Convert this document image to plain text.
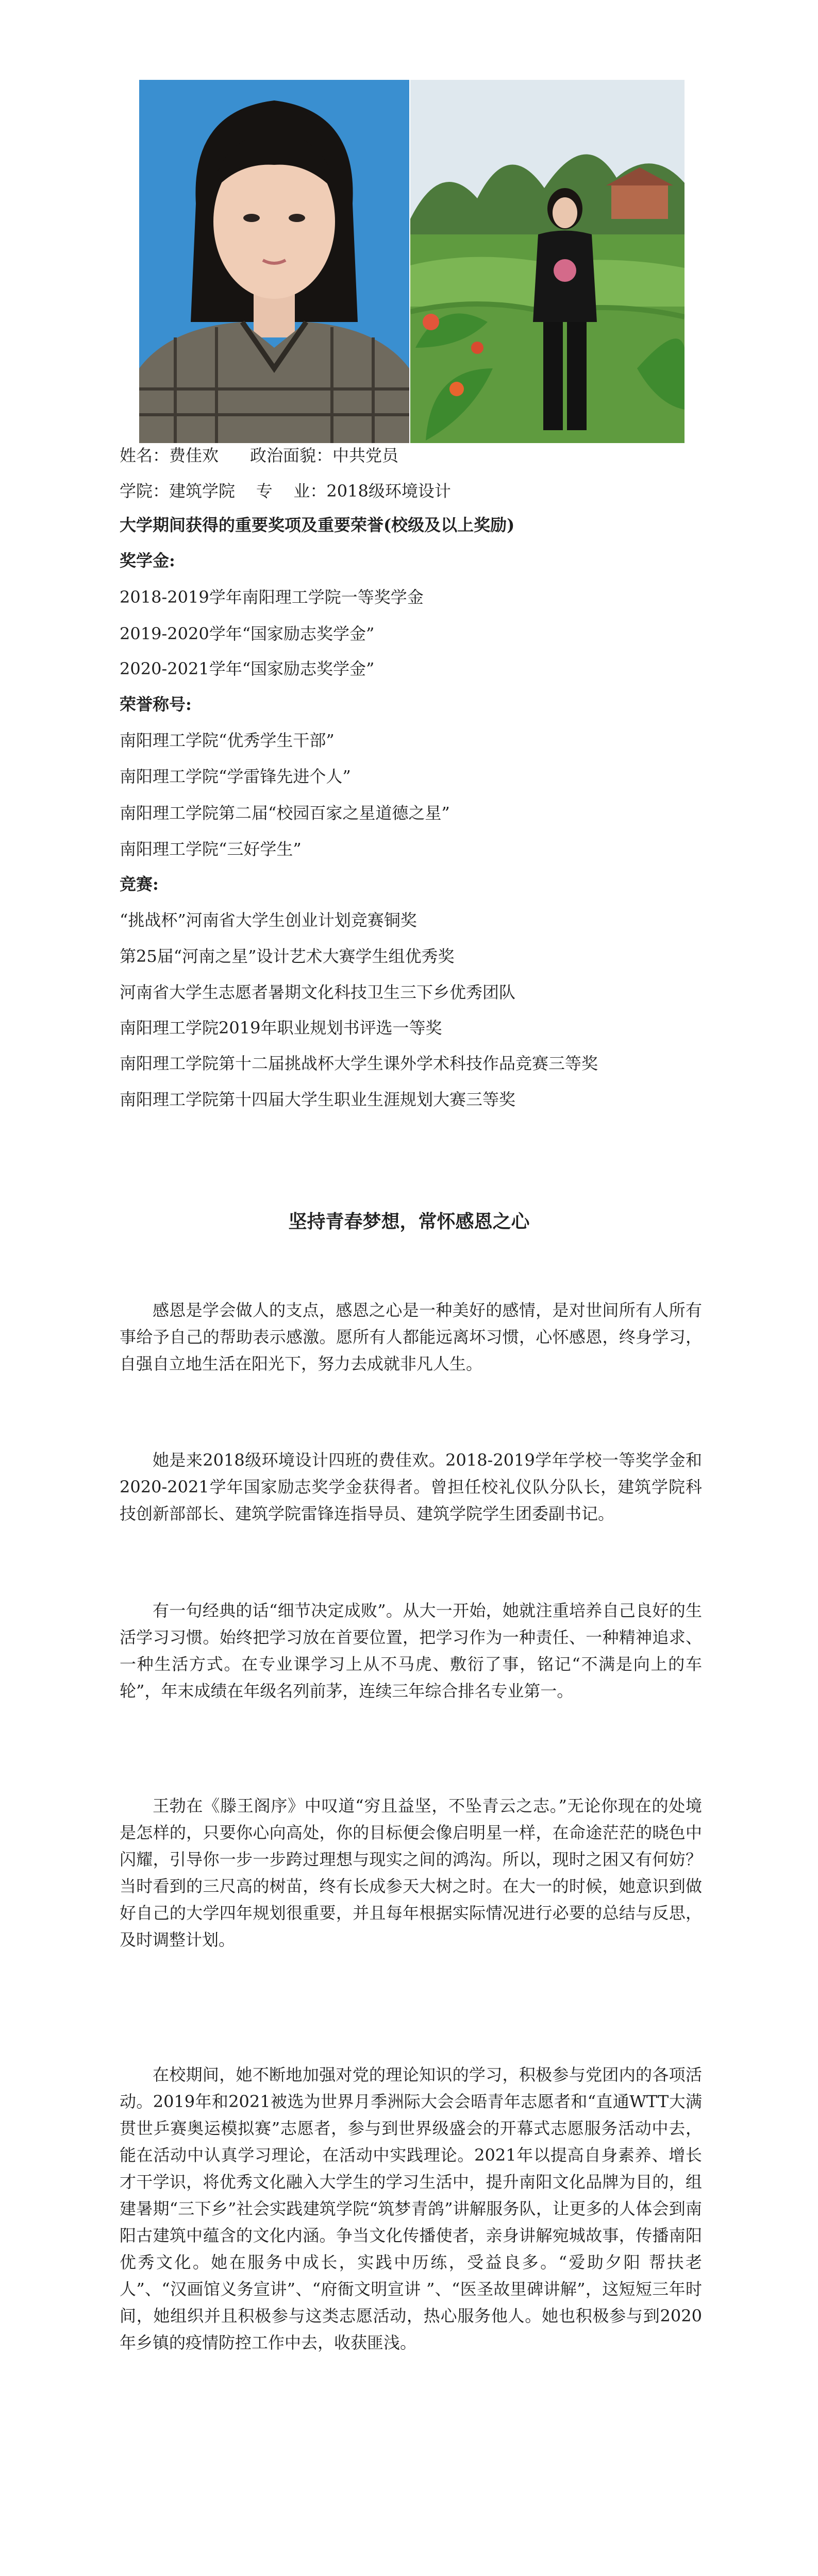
姓名：费佳欢      政治面貌：中共党员

学院：建筑学院    专    业：2018级环境设计

大学期间获得的重要奖项及重要荣誉(校级及以上奖励)

奖学金:

2018-2019学年南阳理工学院一等奖学金

2019-2020学年“国家励志奖学金”

2020-2021学年“国家励志奖学金”

荣誉称号:

南阳理工学院“优秀学生干部”

南阳理工学院“学雷锋先进个人”

南阳理工学院第二届“校园百家之星道德之星”

南阳理工学院“三好学生”

竞赛:

“挑战杯”河南省大学生创业计划竞赛铜奖

第25届“河南之星”设计艺术大赛学生组优秀奖

河南省大学生志愿者暑期文化科技卫生三下乡优秀团队

南阳理工学院2019年职业规划书评选一等奖

南阳理工学院第十二届挑战杯大学生课外学术科技作品竞赛三等奖

南阳理工学院第十四届大学生职业生涯规划大赛三等奖

坚持青春梦想，常怀感恩之心

感恩是学会做人的支点，感恩之心是一种美好的感情，是对世间所有人所有事给予自己的帮助表示感激。愿所有人都能远离坏习惯，心怀感恩，终身学习，自强自立地生活在阳光下，努力去成就非凡人生。

她是来2018级环境设计四班的费佳欢。2018-2019学年学校一等奖学金和2020-2021学年国家励志奖学金获得者。曾担任校礼仪队分队长，建筑学院科技创新部部长、建筑学院雷锋连指导员、建筑学院学生团委副书记。

有一句经典的话“细节决定成败”。从大一开始，她就注重培养自己良好的生活学习习惯。始终把学习放在首要位置，把学习作为一种责任、一种精神追求、一种生活方式。在专业课学习上从不马虎、敷衍了事，铭记“不满是向上的车轮”，年末成绩在年级名列前茅，连续三年综合排名专业第一。

王勃在《滕王阁序》中叹道“穷且益坚，不坠青云之志。”无论你现在的处境是怎样的，只要你心向高处，你的目标便会像启明星一样，在命途茫茫的晓色中闪耀，引导你一步一步跨过理想与现实之间的鸿沟。所以，现时之困又有何妨？当时看到的三尺高的树苗，终有长成参天大树之时。在大一的时候，她意识到做好自己的大学四年规划很重要，并且每年根据实际情况进行必要的总结与反思，及时调整计划。

在校期间，她不断地加强对党的理论知识的学习，积极参与党团内的各项活动。2019年和2021被选为世界月季洲际大会会晤青年志愿者和“直通WTT大满贯世乒赛奥运模拟赛”志愿者，参与到世界级盛会的开幕式志愿服务活动中去，能在活动中认真学习理论，在活动中实践理论。2021年以提高自身素养、增长才干学识，将优秀文化融入大学生的学习生活中，提升南阳文化品牌为目的，组建暑期“三下乡”社会实践建筑学院“筑梦青鸽”讲解服务队，让更多的人体会到南阳古建筑中蕴含的文化内涵。争当文化传播使者，亲身讲解宛城故事，传播南阳优秀文化。她在服务中成长，实践中历练，受益良多。“爱助夕阳 帮扶老人”、“汉画馆义务宣讲”、“府衙文明宣讲 ”、“医圣故里碑讲解”，这短短三年时间，她组织并且积极参与这类志愿活动，热心服务他人。她也积极参与到2020年乡镇的疫情防控工作中去，收获匪浅。
